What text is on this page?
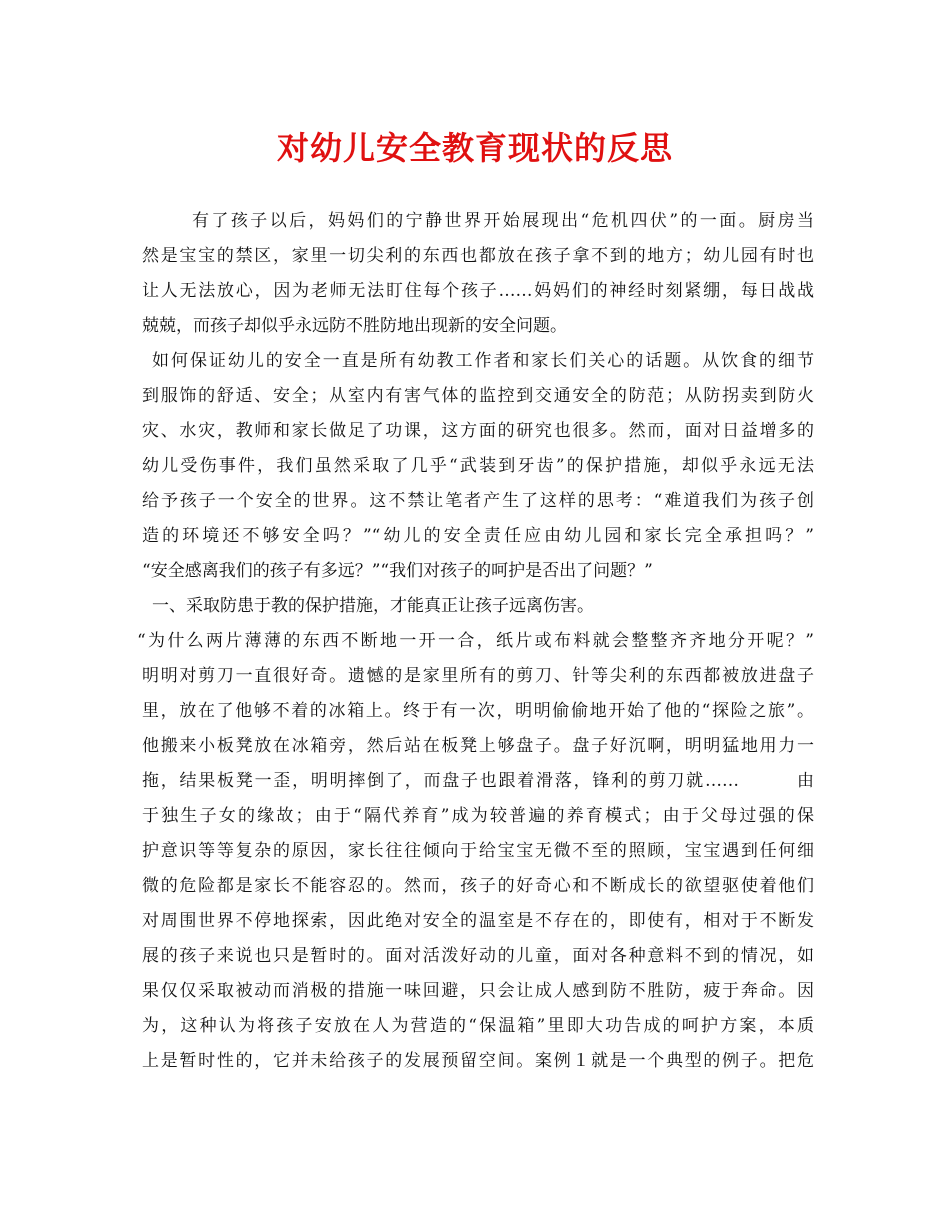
对幼儿安全教育现状的反思
有了孩子以后，妈妈们的宁静世界开始展现出“危机四伏”的一面。厨房当
然是宝宝的禁区，家里一切尖利的东西也都放在孩子拿不到的地方；幼儿园有时也
让人无法放心，因为老师无法盯住每个孩子……妈妈们的神经时刻紧绷，每日战战
兢兢，而孩子却似乎永远防不胜防地出现新的安全问题。
如何保证幼儿的安全一直是所有幼教工作者和家长们关心的话题。从饮食的细节
到服饰的舒适、安全；从室内有害气体的监控到交通安全的防范；从防拐卖到防火
灾、水灾，教师和家长做足了功课，这方面的研究也很多。然而，面对日益增多的
幼儿受伤事件，我们虽然采取了几乎“武装到牙齿”的保护措施，却似乎永远无法
给予孩子一个安全的世界。这不禁让笔者产生了这样的思考：“难道我们为孩子创
造的环境还不够安全吗？”“幼儿的安全责任应由幼儿园和家长完全承担吗？”
“安全感离我们的孩子有多远？”“我们对孩子的呵护是否出了问题？”
一、采取防患于教的保护措施，才能真正让孩子远离伤害。
“为什么两片薄薄的东西不断地一开一合，纸片或布料就会整整齐齐地分开呢？”
明明对剪刀一直很好奇。遗憾的是家里所有的剪刀、针等尖利的东西都被放进盘子
里，放在了他够不着的冰箱上。终于有一次，明明偷偷地开始了他的“探险之旅”。
他搬来小板凳放在冰箱旁，然后站在板凳上够盘子。盘子好沉啊，明明猛地用力一
拖，结果板凳一歪，明明摔倒了，而盘子也跟着滑落，锋利的剪刀就……　　　由
于独生子女的缘故；由于“隔代养育”成为较普遍的养育模式；由于父母过强的保
护意识等等复杂的原因，家长往往倾向于给宝宝无微不至的照顾，宝宝遇到任何细
微的危险都是家长不能容忍的。然而，孩子的好奇心和不断成长的欲望驱使着他们
对周围世界不停地探索，因此绝对安全的温室是不存在的，即使有，相对于不断发
展的孩子来说也只是暂时的。面对活泼好动的儿童，面对各种意料不到的情况，如
果仅仅采取被动而消极的措施一味回避，只会让成人感到防不胜防，疲于奔命。因
为，这种认为将孩子安放在人为营造的“保温箱”里即大功告成的呵护方案，本质
上是暂时性的，它并未给孩子的发展预留空间。案例１就是一个典型的例子。把危
